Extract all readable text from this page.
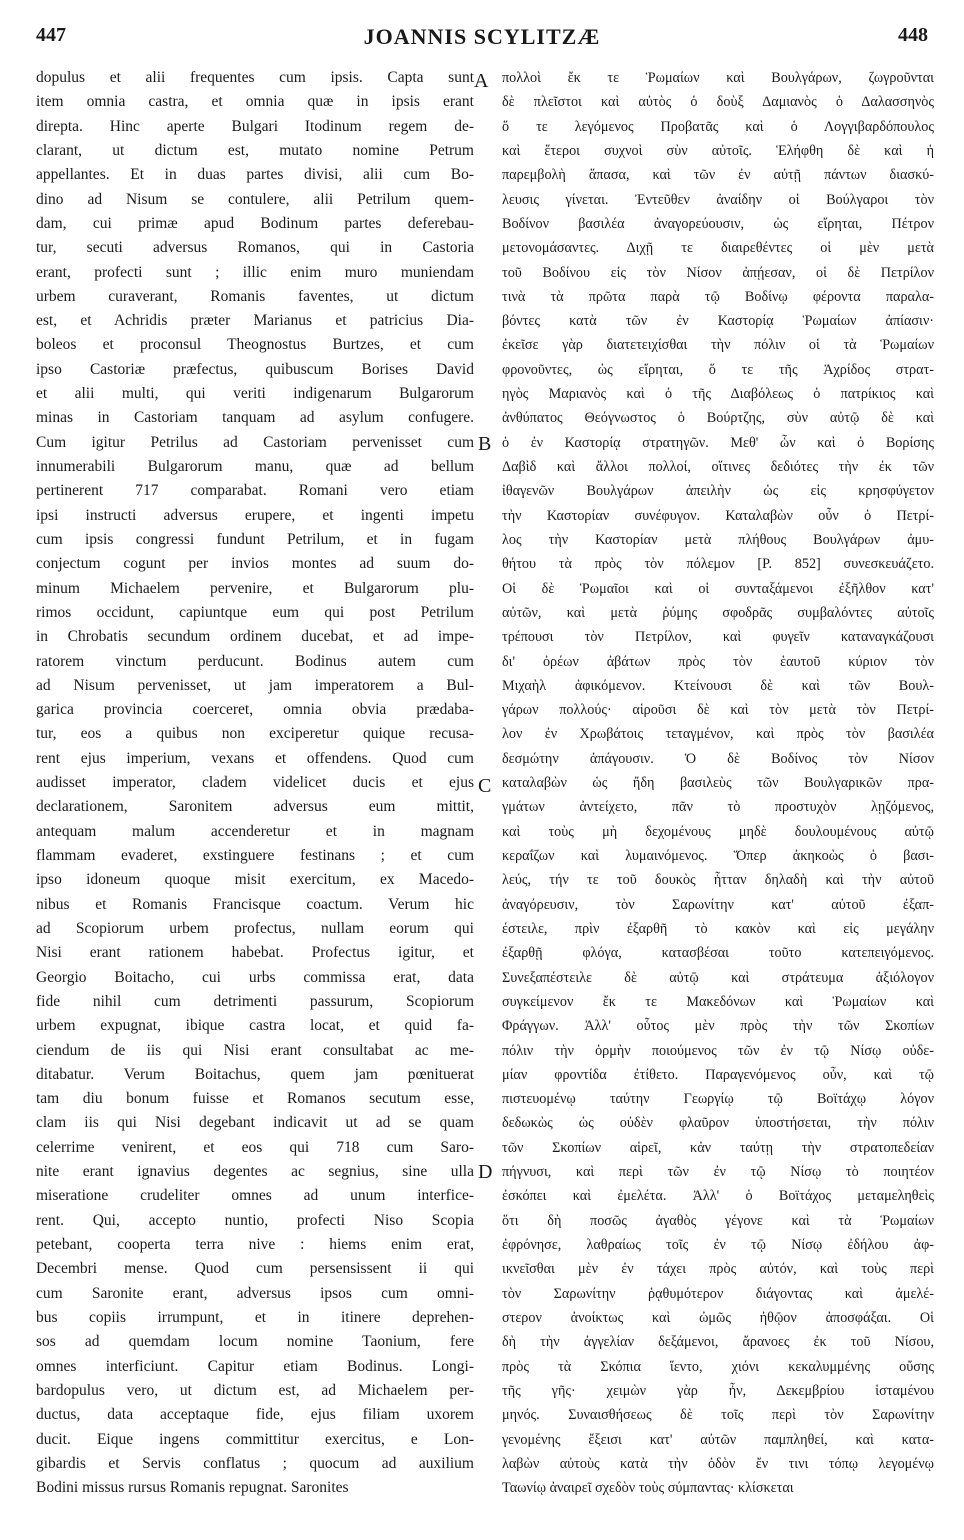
447	JOANNIS SCYLITZÆ	448
dopulus et alii frequentes cum ipsis. Capta sunt
item omnia castra, et omnia quæ in ipsis erant
direpta. Hinc aperte Bulgari Itodinum regem de-
clarant, ut dictum est, mutato nomine Petrum
appellantes. Et in duas partes divisi, alii cum Bo-
dino ad Nisum se contulere, alii Petrilum quem-
dam, cui primæ apud Bodinum partes deferebau-
tur, secuti adversus Romanos, qui in Castoria
erant, profecti sunt ; illic enim muro muniendam
urbem curaverant, Romanis faventes, ut dictum
est, et Achridis præter Marianus et patricius Dia-
boleos et proconsul Theognostus Burtzes, et cum
ipso Castoriæ præfectus, quibuscum Borises David
et alii multi, qui veriti indigenarum Bulgarorum
minas in Castoriam tanquam ad asylum confugere.
Cum igitur Petrilus ad Castoriam pervenisset cum
innumerabili Bulgarorum manu, quæ ad bellum
pertinerent 717 comparabat. Romani vero etiam
ipsi instructi adversus erupere, et ingenti impetu
cum ipsis congressi fundunt Petrilum, et in fugam
conjectum cogunt per invios montes ad suum do-
minum Michaelem pervenire, et Bulgarorum plu-
rimos occidunt, capiuntque eum qui post Petrilum
in Chrobatis secundum ordinem ducebat, et ad impe-
ratorem vinctum perducunt. Bodinus autem cum
ad Nisum pervenisset, ut jam imperatorem a Bul-
garica provincia coerceret, omnia obvia prædaba-
tur, eos a quibus non exciperetur quique recusa-
rent ejus imperium, vexans et offendens. Quod cum
audisset imperator, cladem videlicet ducis et ejus
declarationem, Saronitem adversus eum mittit,
antequam malum accenderetur et in magnam
flammam evaderet, exstinguere festinans ; et cum
ipso idoneum quoque misit exercitum, ex Macedo-
nibus et Romanis Francisque coactum. Verum hic
ad Scopiorum urbem profectus, nullam eorum qui
Nisi erant rationem habebat. Profectus igitur, et
Georgio Boitacho, cui urbs commissa erat, data
fide nihil cum detrimenti passurum, Scopiorum
urbem expugnat, ibique castra locat, et quid fa-
ciendum de iis qui Nisi erant consultabat ac me-
ditabatur. Verum Boitachus, quem jam pœnituerat
tam diu bonum fuisse et Romanos secutum esse,
clam iis qui Nisi degebant indicavit ut ad se quam
celerrime venirent, et eos qui 718 cum Saro-
nite erant ignavius degentes ac segnius, sine ulla
miseratione crudeliter omnes ad unum interfice-
rent. Qui, accepto nuntio, profecti Niso Scopia
petebant, cooperta terra nive : hiems enim erat,
Decembri mense. Quod cum persensissent ii qui
cum Saronite erant, adversus ipsos cum omni-
bus copiis irrumpunt, et in itinere deprehen-
sos ad quemdam locum nomine Taonium, fere
omnes interficiunt. Capitur etiam Bodinus. Longi-
bardopulus vero, ut dictum est, ad Michaelem per-
ductus, data acceptaque fide, ejus filiam uxorem
ducit. Eique ingens committitur exercitus, e Lon-
gibardis et Servis conflatus ; quocum ad auxilium
Bodini missus rursus Romanis repugnat. Saronites
πολλοὶ ἔκ τε Ῥωμαίων καὶ Βουλγάρων, ζωγροῦνται
δὲ πλεῖστοι καὶ αὐτὸς ὁ δοὺξ Δαμιανὸς ὁ Δαλασσηνὸς
ὅ τε λεγόμενος Προβατᾶς καὶ ὁ Λογγιβαρδόπουλος
καὶ ἕτεροι συχνοὶ σὺν αὐτοῖς. Ἑλήφθη δὲ καὶ ἡ
παρεμβολὴ ἅπασα, καὶ τῶν ἐν αὐτῇ πάντων διασκύ-
λευσις γίνεται. Ἐντεῦθεν ἀναίδην οἱ Βούλγαροι τὸν
Βοδίνον βασιλέα ἀναγορεύουσιν, ὡς εἴρηται, Πέτρον
μετονομάσαντες. Διχῇ τε διαιρεθέντες οἱ μὲν μετὰ
τοῦ Βοδίνου εἰς τὸν Νίσον ἀπῄεσαν, οἱ δὲ Πετρίλον
τινὰ τὰ πρῶτα παρὰ τῷ Βοδίνῳ φέροντα παραλα-
βόντες κατὰ τῶν ἐν Καστορίᾳ Ῥωμαίων ἀπίασιν·
ἐκεῖσε γὰρ διατετειχίσθαι τὴν πόλιν οἱ τὰ Ῥωμαίων
φρονοῦντες, ὡς εἴρηται, ὅ τε τῆς Ἀχρίδος στρατ-
ηγὸς Μαριανὸς καὶ ὁ τῆς Διαβόλεως ὁ πατρίκιος καὶ
ἀνθύπατος Θεόγνωστος ὁ Βούρτζης, σὺν αὐτῷ δὲ καὶ
ὁ ἐν Καστορίᾳ στρατηγῶν. Μεθ' ὧν καὶ ὁ Βορίσης
Δαβὶδ καὶ ἄλλοι πολλοί, οἵτινες δεδιότες τὴν ἐκ τῶν
ἰθαγενῶν Βουλγάρων ἀπειλὴν ὡς εἰς κρησφύγετον
τὴν Καστορίαν συνέφυγον. Καταλαβὼν οὖν ὁ Πετρί-
λος τὴν Καστορίαν μετὰ πλήθους Βουλγάρων ἀμυ-
θήτου τὰ πρὸς τὸν πόλεμον [P. 852] συνεσκευάζετο.
Οἱ δὲ Ῥωμαῖοι καὶ οἱ συνταξάμενοι ἐξῆλθον κατ'
αὐτῶν, καὶ μετὰ ῥύμης σφοδρᾶς συμβαλόντες αὐτοῖς
τρέπουσι τὸν Πετρίλον, καὶ φυγεῖν καταναγκάζουσι
δι' ὀρέων ἀβάτων πρὸς τὸν ἑαυτοῦ κύριον τὸν
Μιχαὴλ ἀφικόμενον. Κτείνουσι δὲ καὶ τῶν Βουλ-
γάρων πολλούς· αἱροῦσι δὲ καὶ τὸν μετὰ τὸν Πετρί-
λον ἐν Χρωβάτοις τεταγμένον, καὶ πρὸς τὸν βασιλέα
δεσμώτην ἀπάγουσιν. Ὁ δὲ Βοδίνος τὸν Νίσον
καταλαβὼν ὡς ἤδη βασιλεὺς τῶν Βουλγαρικῶν πρα-
γμάτων ἀντείχετο, πᾶν τὸ προστυχὸν λῃζόμενος,
καὶ τοὺς μὴ δεχομένους μηδὲ δουλουμένους αὐτῷ
κεραΐζων καὶ λυμαινόμενος. Ὅπερ ἀκηκοὼς ὁ βασι-
λεύς, τήν τε τοῦ δουκὸς ἧτταν δηλαδὴ καὶ τὴν αὐτοῦ
ἀναγόρευσιν, τὸν Σαρωνίτην κατ' αὐτοῦ ἐξαπ-
έστειλε, πρὶν ἐξαρθῆ τὸ κακὸν καὶ εἰς μεγάλην
ἐξαρθῇ φλόγα, κατασβέσαι τοῦτο κατεπειγόμενος.
Συνεξαπέστειλε δὲ αὐτῷ καὶ στράτευμα ἀξιόλογον
συγκείμενον ἔκ τε Μακεδόνων καὶ Ῥωμαίων καὶ
Φράγγων. Ἀλλ' οὗτος μὲν πρὸς τὴν τῶν Σκοπίων
πόλιν τὴν ὁρμὴν ποιούμενος τῶν ἐν τῷ Νίσῳ οὐδε-
μίαν φροντίδα ἐτίθετο. Παραγενόμενος οὖν, καὶ τῷ
πιστευομένῳ ταύτην Γεωργίῳ τῷ Βοϊτάχῳ λόγον
δεδωκὼς ὡς οὐδὲν φλαῦρον ὑποστήσεται, τὴν πόλιν
τῶν Σκοπίων αἱρεῖ, κἀν ταύτῃ τὴν στρατοπεδείαν
πήγνυσι, καὶ περὶ τῶν ἐν τῷ Νίσῳ τὸ ποιητέον
ἐσκόπει καὶ ἐμελέτα. Ἀλλ' ὁ Βοϊτάχος μεταμεληθεὶς
ὅτι δὴ ποσῶς ἀγαθὸς γέγονε καὶ τὰ Ῥωμαίων
ἐφρόνησε, λαθραίως τοῖς ἐν τῷ Νίσῳ ἐδήλου ἀφ-
ικνεῖσθαι μὲν ἐν τάχει πρὸς αὐτόν, καὶ τοὺς περὶ
τὸν Σαρωνίτην ῥᾳθυμότερον διάγοντας καὶ ἀμελέ-
στερον ἀνοίκτως καὶ ὠμῶς ἠθῷον ἀποσφάξαι. Οἱ
δὴ τὴν ἀγγελίαν δεξάμενοι, ἄρανοες ἐκ τοῦ Νίσου,
πρὸς τὰ Σκόπια ἵεντο, χιόνι κεκαλυμμένης οὔσης
τῆς γῆς· χειμὼν γὰρ ἦν, Δεκεμβρίου ἱσταμένου
μηνός. Συναισθήσεως δὲ τοῖς περὶ τὸν Σαρωνίτην
γενομένης ἔξεισι κατ' αὐτῶν παμπληθεί, καὶ κατα-
λαβὼν αὐτοὺς κατὰ τὴν ὁδὸν ἔν τινι τόπῳ λεγομένῳ
Ταωνίῳ ἀναιρεῖ σχεδὸν τοὺς σύμπαντας· κλίσκεται
A
B
C
D
